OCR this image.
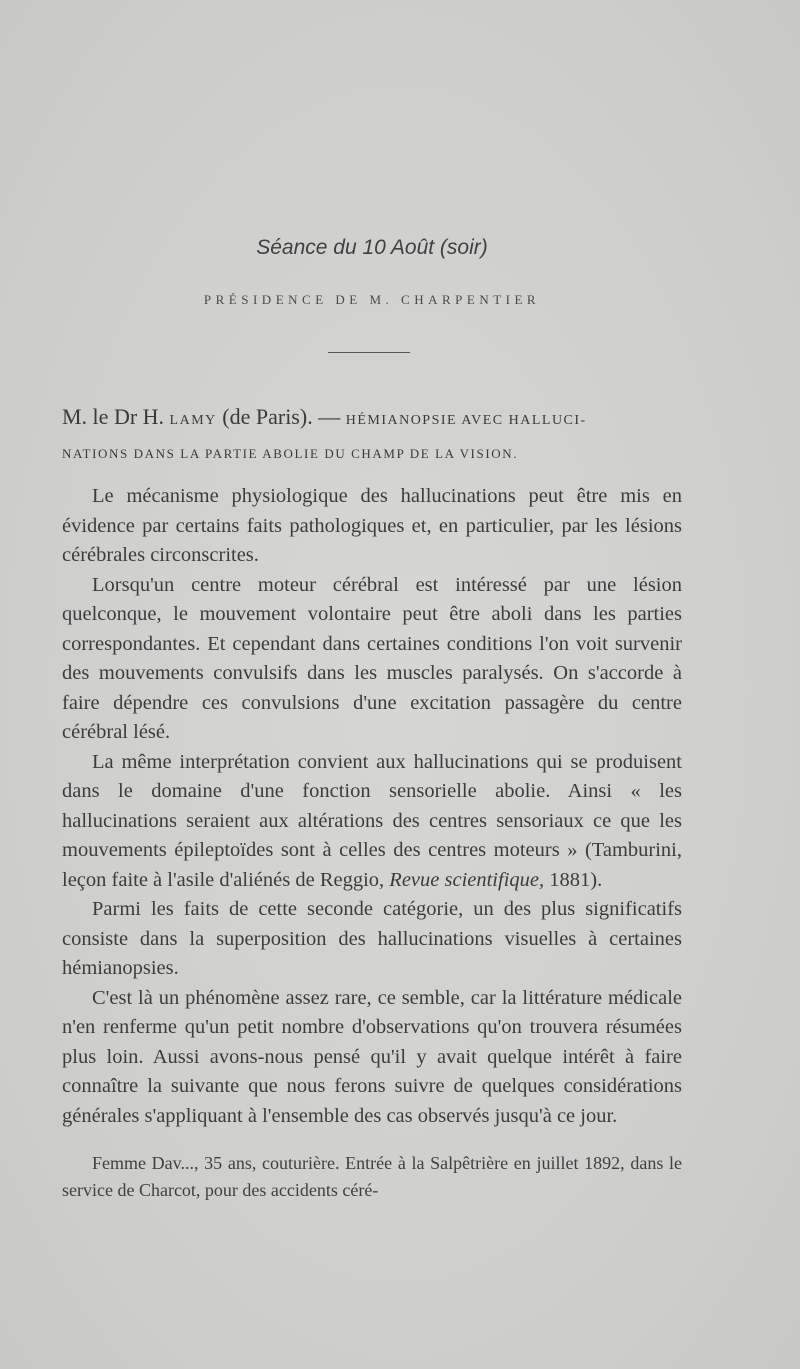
Séance du 10 Août (soir)
PRÉSIDENCE DE M. CHARPENTIER
M. le Dr H. LAMY (de Paris). — HÉMIANOPSIE AVEC HALLUCI-
NATIONS DANS LA PARTIE ABOLIE DU CHAMP DE LA VISION.

Le mécanisme physiologique des hallucinations peut être mis en évidence par certains faits pathologiques et, en particulier, par les lésions cérébrales circonscrites.

Lorsqu'un centre moteur cérébral est intéressé par une lésion quelconque, le mouvement volontaire peut être aboli dans les parties correspondantes. Et cependant dans certaines conditions l'on voit survenir des mouvements convulsifs dans les muscles paralysés. On s'accorde à faire dépendre ces convulsions d'une excitation passagère du centre cérébral lésé.

La même interprétation convient aux hallucinations qui se produisent dans le domaine d'une fonction sensorielle abolie. Ainsi « les hallucinations seraient aux altérations des centres sensoriaux ce que les mouvements épileptoïdes sont à celles des centres moteurs » (Tamburini, leçon faite à l'asile d'aliénés de Reggio, Revue scientifique, 1881).

Parmi les faits de cette seconde catégorie, un des plus significatifs consiste dans la superposition des hallucinations visuelles à certaines hémianopsies.

C'est là un phénomène assez rare, ce semble, car la littérature médicale n'en renferme qu'un petit nombre d'observations qu'on trouvera résumées plus loin. Aussi avons-nous pensé qu'il y avait quelque intérêt à faire connaître la suivante que nous ferons suivre de quelques considérations générales s'appliquant à l'ensemble des cas observés jusqu'à ce jour.

Femme Dav..., 35 ans, couturière. Entrée à la Salpêtrière en juillet 1892, dans le service de Charcot, pour des accidents céré-
